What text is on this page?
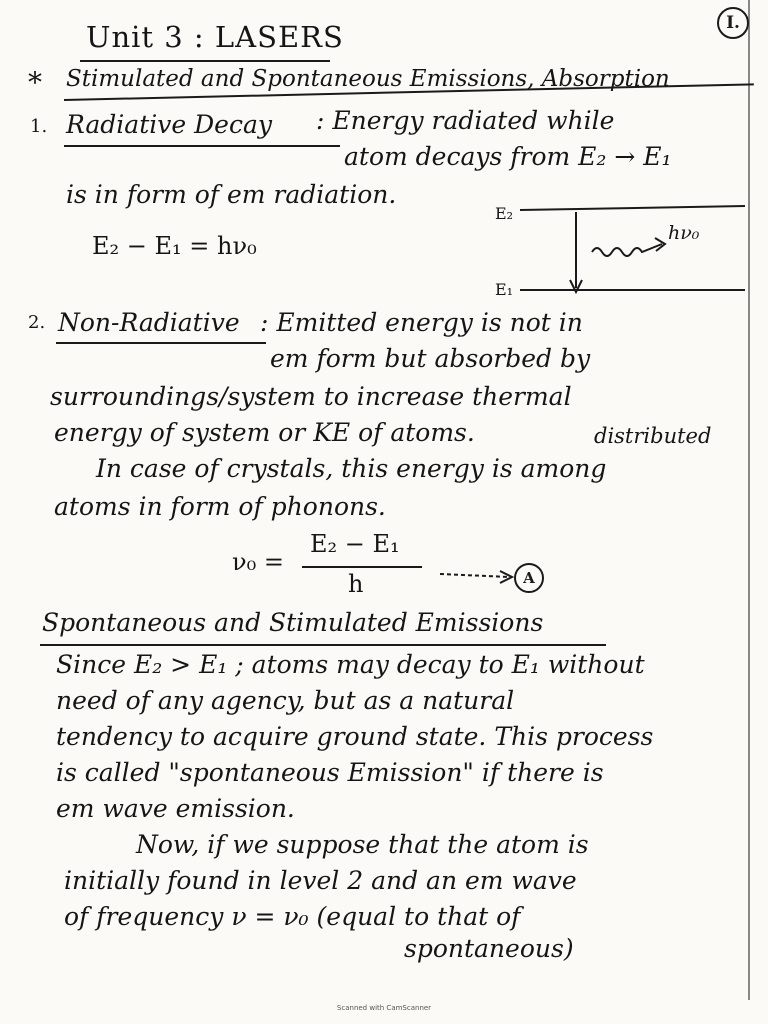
I.
Unit 3 : LASERS
* Stimulated and Spontaneous Emissions, Absorption
1. Radiative Decay : Energy radiated while
atom decays from E₂ → E₁
is in form of em radiation.
E₂ − E₁ = hν₀
E₂
E₁
hν₀
2. Non-Radiative : Emitted energy is not in
em form but absorbed by
surroundings/system to increase thermal
energy of system or KE of atoms.	distributed
In case of crystals, this energy is among
atoms in form of phonons.
ν₀ =
E₂ − E₁
h	A
Spontaneous and Stimulated Emissions
Since E₂ > E₁ ; atoms may decay to E₁ without
need of any agency, but as a natural
tendency to acquire ground state. This process
is called "spontaneous Emission" if there is
em wave emission.
Now, if we suppose that the atom is
initially found in level 2 and an em wave
of frequency ν = ν₀ (equal to that of
spontaneous)
Scanned with CamScanner
